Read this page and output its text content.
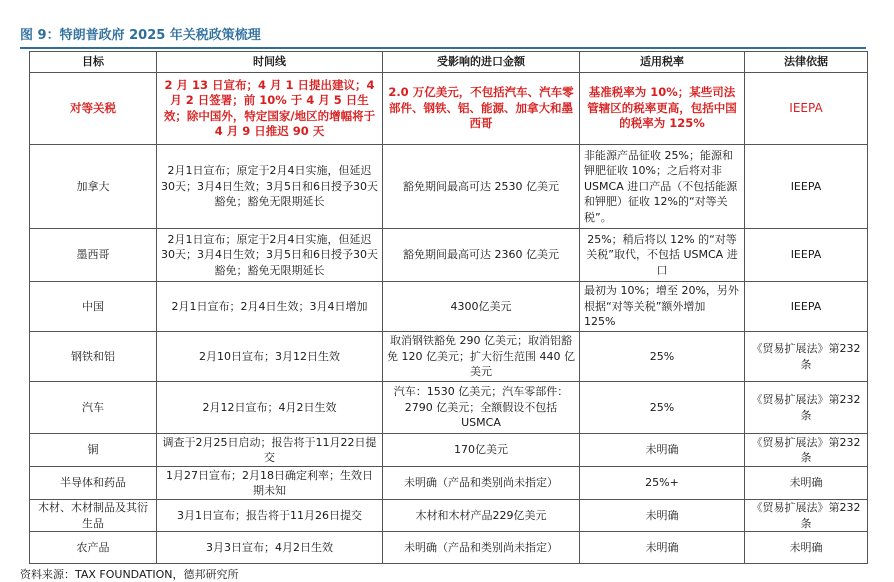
图 9：特朗普政府 2025 年关税政策梳理
目标	时间线	受影响的进口金额	适用税率	法律依据
对等关税	2 月 13 日宣布；4 月 1 日提出建议；4 月 2 日签署；前 10% 于 4 月 5 日生效；除中国外，特定国家/地区的增幅将于 4 月 9 日推迟 90 天	2.0 万亿美元，不包括汽车、汽车零部件、钢铁、铝、能源、加拿大和墨西哥	基准税率为 10%；某些司法管辖区的税率更高，包括中国的税率为 125%	IEEPA
加拿大	2月1日宣布；原定于2月4日实施，但延迟30天；3月4日生效；3月5日和6日授予30天豁免；豁免无限期延长	豁免期间最高可达 2530 亿美元	非能源产品征收 25%；能源和钾肥征收 10%；之后将对非 USMCA 进口产品（不包括能源和钾肥）征收 12%的“对等关税”。	IEEPA
墨西哥	2月1日宣布；原定于2月4日实施，但延迟30天；3月4日生效；3月5日和6日授予30天豁免；豁免无限期延长	豁免期间最高可达 2360 亿美元	25%；稍后将以 12% 的“对等关税”取代，不包括 USMCA 进口	IEEPA
中国	2月1日宣布；2月4日生效；3月4日增加	4300亿美元	最初为 10%；增至 20%，另外根据“对等关税”额外增加 125%	IEEPA
钢铁和铝	2月10日宣布；3月12日生效	取消钢铁豁免 290 亿美元；取消铝豁免 120 亿美元；扩大衍生范围 440 亿美元	25%	《贸易扩展法》第232条
汽车	2月12日宣布；4月2日生效	汽车：1530 亿美元；汽车零部件：2790 亿美元；全额假设不包括 USMCA	25%	《贸易扩展法》第232条
铜	调查于2月25日启动；报告将于11月22日提交	170亿美元	未明确	《贸易扩展法》第232条
半导体和药品	1月27日宣布；2月18日确定利率；生效日期未知	未明确（产品和类别尚未指定）	25%+	未明确
木材、木材制品及其衍生品	3月1日宣布；报告将于11月26日提交	木材和木材产品229亿美元	未明确	《贸易扩展法》第232条
农产品	3月3日宣布；4月2日生效	未明确（产品和类别尚未指定）	未明确	未明确
资料来源：TAX FOUNDATION，德邦研究所
